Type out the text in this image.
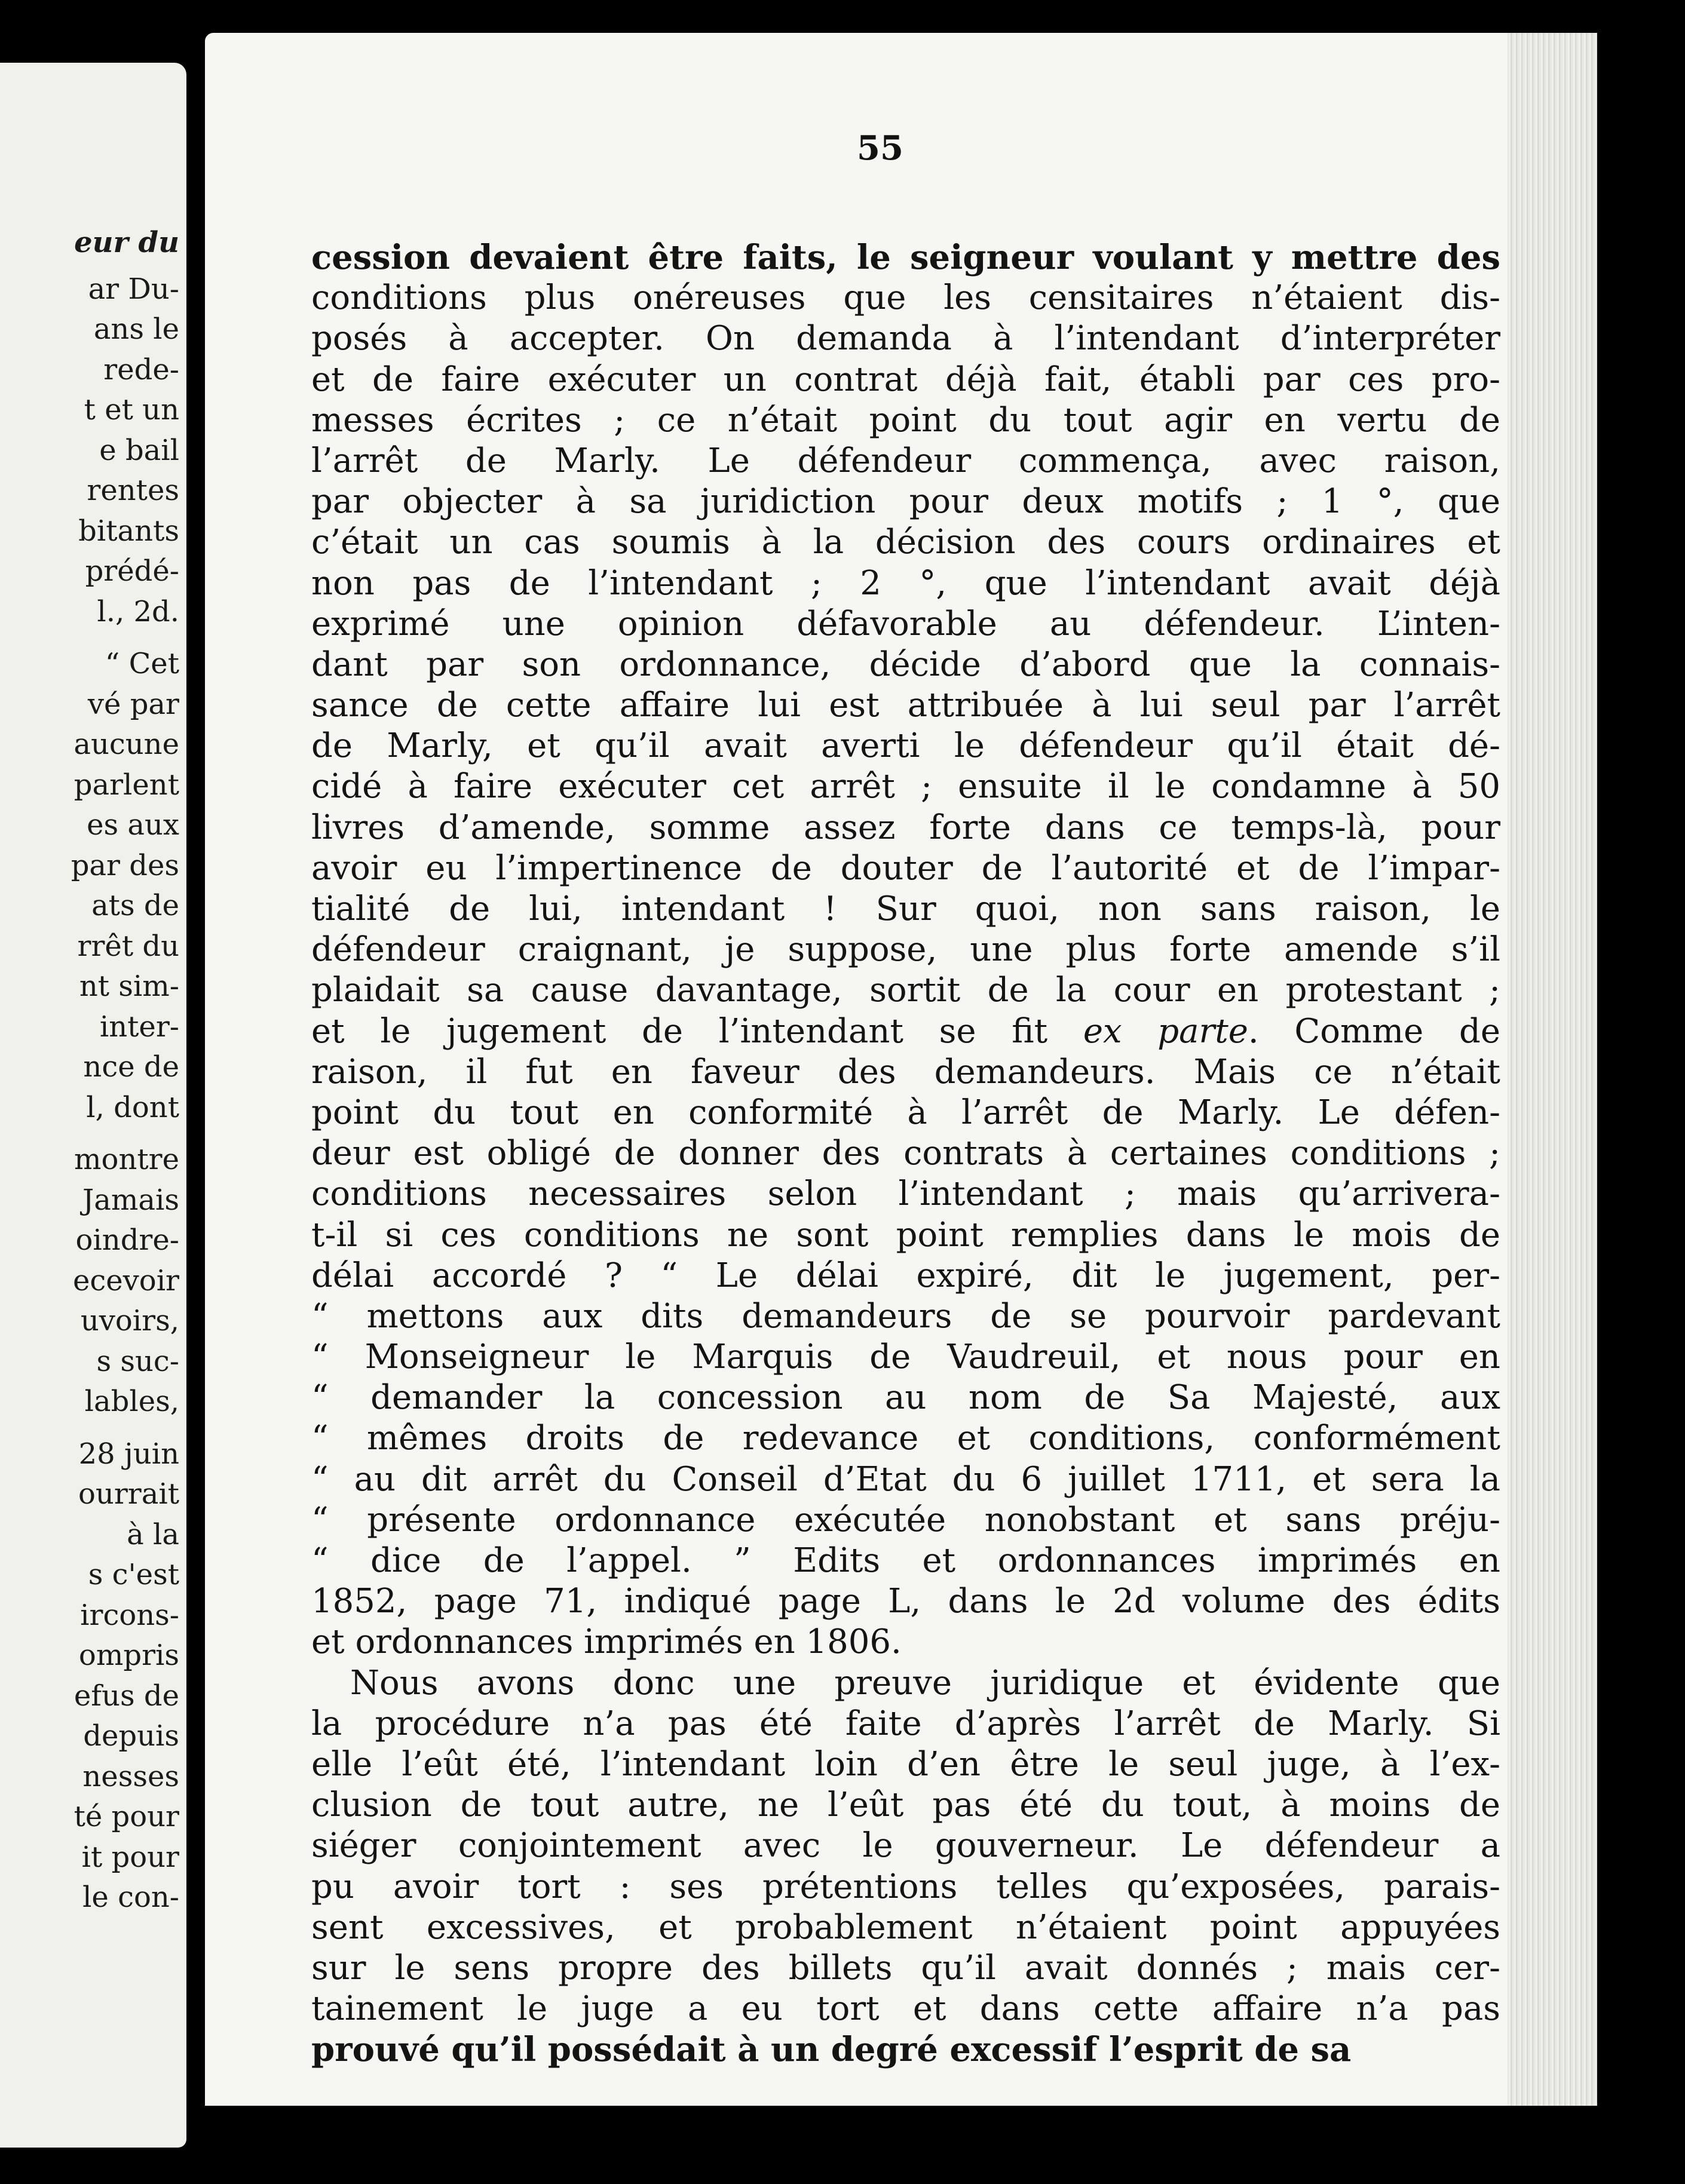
eur du
ar Du-
ans le
rede-
t et un
e bail
rentes
bitants
prédé-
l., 2d.
“ Cet
vé par
aucune
parlent
es aux
par des
ats de
rrêt du
nt sim-
inter-
nce de
l, dont
montre
Jamais
oindre-
ecevoir
uvoirs,
s suc-
lables,
28 juin
ourrait
à la
s c'est
ircons-
ompris
efus de
depuis
nesses
té pour
it pour
le con-
55
cession devaient être faits, le seigneur voulant y mettre des
conditions plus onéreuses que les censitaires n’étaient dis-
posés à accepter. On demanda à l’intendant d’interpréter
et de faire exécuter un contrat déjà fait, établi par ces pro-
messes écrites ; ce n’était point du tout agir en vertu de
l’arrêt de Marly. Le défendeur commença, avec raison,
par objecter à sa juridiction pour deux motifs ; 1 °, que
c’était un cas soumis à la décision des cours ordinaires et
non pas de l’intendant ; 2 °, que l’intendant avait déjà
exprimé une opinion défavorable au défendeur. L’inten-
dant par son ordonnance, décide d’abord que la connais-
sance de cette affaire lui est attribuée à lui seul par l’arrêt
de Marly, et qu’il avait averti le défendeur qu’il était dé-
cidé à faire exécuter cet arrêt ; ensuite il le condamne à 50
livres d’amende, somme assez forte dans ce temps-là, pour
avoir eu l’impertinence de douter de l’autorité et de l’impar-
tialité de lui, intendant ! Sur quoi, non sans raison, le
défendeur craignant, je suppose, une plus forte amende s’il
plaidait sa cause davantage, sortit de la cour en protestant ;
et le jugement de l’intendant se fit ex parte. Comme de
raison, il fut en faveur des demandeurs. Mais ce n’était
point du tout en conformité à l’arrêt de Marly. Le défen-
deur est obligé de donner des contrats à certaines conditions ;
conditions necessaires selon l’intendant ; mais qu’arrivera-
t-il si ces conditions ne sont point remplies dans le mois de
délai accordé ? “ Le délai expiré, dit le jugement, per-
“ mettons aux dits demandeurs de se pourvoir pardevant
“ Monseigneur le Marquis de Vaudreuil, et nous pour en
“ demander la concession au nom de Sa Majesté, aux
“ mêmes droits de redevance et conditions, conformément
“ au dit arrêt du Conseil d’Etat du 6 juillet 1711, et sera la
“ présente ordonnance exécutée nonobstant et sans préju-
“ dice de l’appel. ” Edits et ordonnances imprimés en
1852, page 71, indiqué page L, dans le 2d volume des édits
et ordonnances imprimés en 1806.
Nous avons donc une preuve juridique et évidente que
la procédure n’a pas été faite d’après l’arrêt de Marly. Si
elle l’eût été, l’intendant loin d’en être le seul juge, à l’ex-
clusion de tout autre, ne l’eût pas été du tout, à moins de
siéger conjointement avec le gouverneur. Le défendeur a
pu avoir tort : ses prétentions telles qu’exposées, parais-
sent excessives, et probablement n’étaient point appuyées
sur le sens propre des billets qu’il avait donnés ; mais cer-
tainement le juge a eu tort et dans cette affaire n’a pas
prouvé qu’il possédait à un degré excessif l’esprit de sa
